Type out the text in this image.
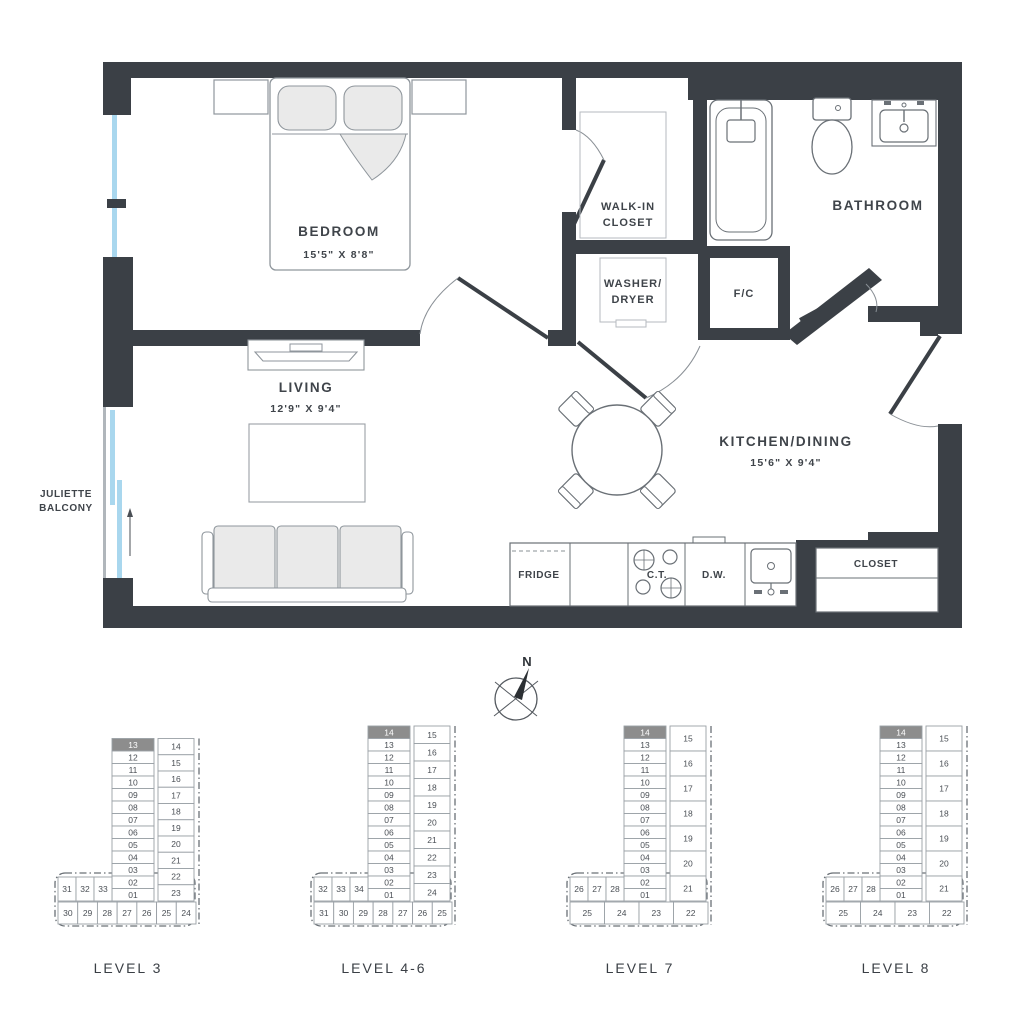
BEDROOM
15'5" X 8'8"
WALK-IN
CLOSET
BATHROOM
WASHER/
DRYER	F/C
LIVING
12'9" X 9'4"
KITCHEN/DINING
15'6" X 9'4"
CLOSET
FRIDGE	C.T.	D.W.
JULIETTE
BALCONY
N
13
12
11
10
09
08
07
06
05
04
03
02
01
14
15
16
17
18
19
20
21
22
23
31 32 33
30 29 28 27 26 25 24
LEVEL 3
14
13
12
11
10
09
08
07
06
05
04
03
02
01
15
16
17
18
19
20
21
22
23
24
32 33 34
31 30 29 28 27 26 25
LEVEL 4-6
14
13
12
11
10
09
08
07
06
05
04
03
02
01
15
16
17
18
19
20
21
26 27 28
25	24	23	22
LEVEL 7
14
13
12
11
10
09
08
07
06
05
04
03
02
01
15
16
17
18
19
20
21
26 27 28
25	24	23	22
LEVEL 8
